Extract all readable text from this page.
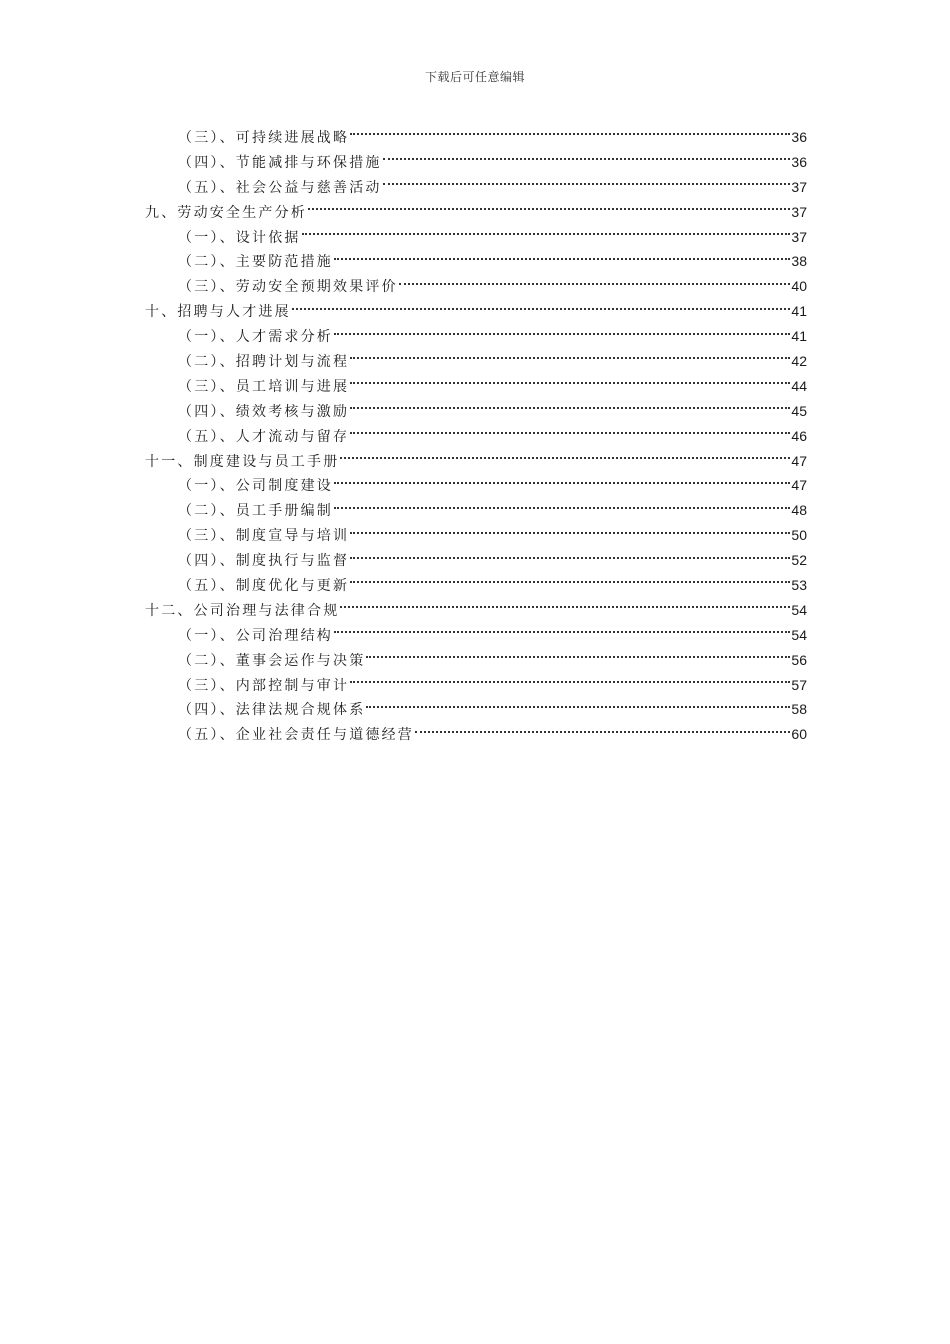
下载后可任意编辑
（三）、可持续进展战略	36
（四）、节能减排与环保措施	36
（五）、社会公益与慈善活动	37
九、劳动安全生产分析	37
（一）、设计依据	37
（二）、主要防范措施	38
（三）、劳动安全预期效果评价	40
十、招聘与人才进展	41
（一）、人才需求分析	41
（二）、招聘计划与流程	42
（三）、员工培训与进展	44
（四）、绩效考核与激励	45
（五）、人才流动与留存	46
十一、制度建设与员工手册	47
（一）、公司制度建设	47
（二）、员工手册编制	48
（三）、制度宣导与培训	50
（四）、制度执行与监督	52
（五）、制度优化与更新	53
十二、公司治理与法律合规	54
（一）、公司治理结构	54
（二）、董事会运作与决策	56
（三）、内部控制与审计	57
（四）、法律法规合规体系	58
（五）、企业社会责任与道德经营	60
